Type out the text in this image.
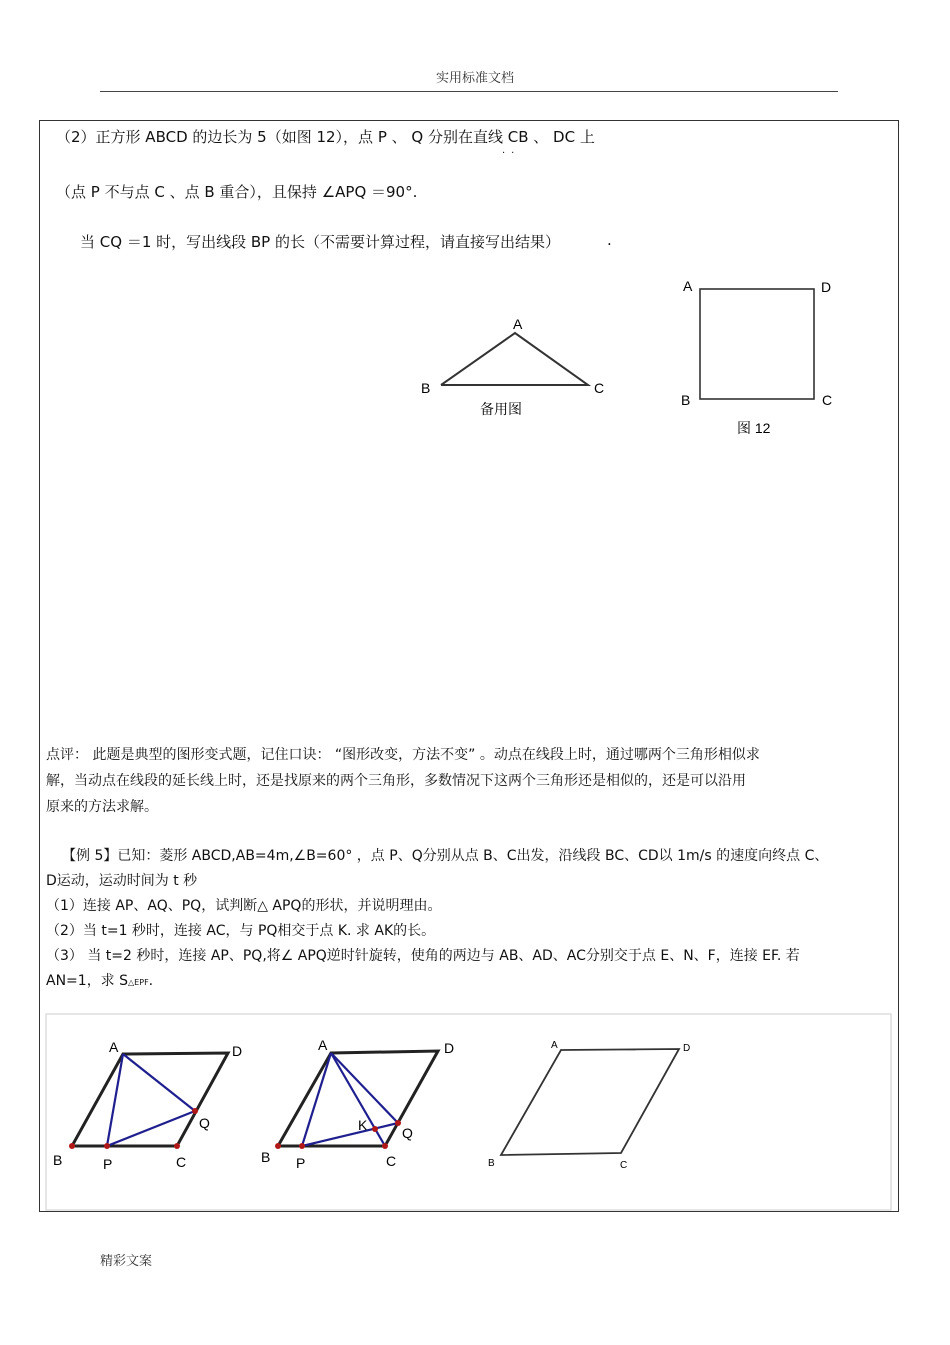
实用标准文档
（2）正方形 ABCD 的边长为 5（如图 12），点 P 、 Q 分别在直线 CB 、 DC 上
··
（点 P 不与点 C 、点 B 重合），且保持 ∠APQ ＝90°.
当 CQ ＝1 时，写出线段 BP 的长（不需要计算过程，请直接写出结果）	.
A
B	C
备用图
A	D
B	C
图 12
点评： 此题是典型的图形变式题，记住口诀： “图形改变，方法不变” 。动点在线段上时，通过哪两个三角形相似求
解，当动点在线段的延长线上时，还是找原来的两个三角形，多数情况下这两个三角形还是相似的，还是可以沿用
原来的方法求解。
【例 5】已知：菱形 ABCD,AB=4m,∠B=60° ，点 P、Q分别从点 B、C出发，沿线段 BC、CD以 1m/s 的速度向终点 C、
D运动，运动时间为 t 秒
（1）连接 AP、AQ、PQ，试判断△ APQ的形状，并说明理由。
（2）当 t=1 秒时，连接 AC，与 PQ相交于点 K. 求 AK的长。
（3） 当 t=2 秒时，连接 AP、PQ,将∠ APQ逆时针旋转，使角的两边与 AB、AD、AC分别交于点 E、N、F，连接 EF. 若
AN=1，求 S△EPF.
A	D
B	P	C
Q
A	D
B P	C
K Q
A	D
B	C
精彩文案
